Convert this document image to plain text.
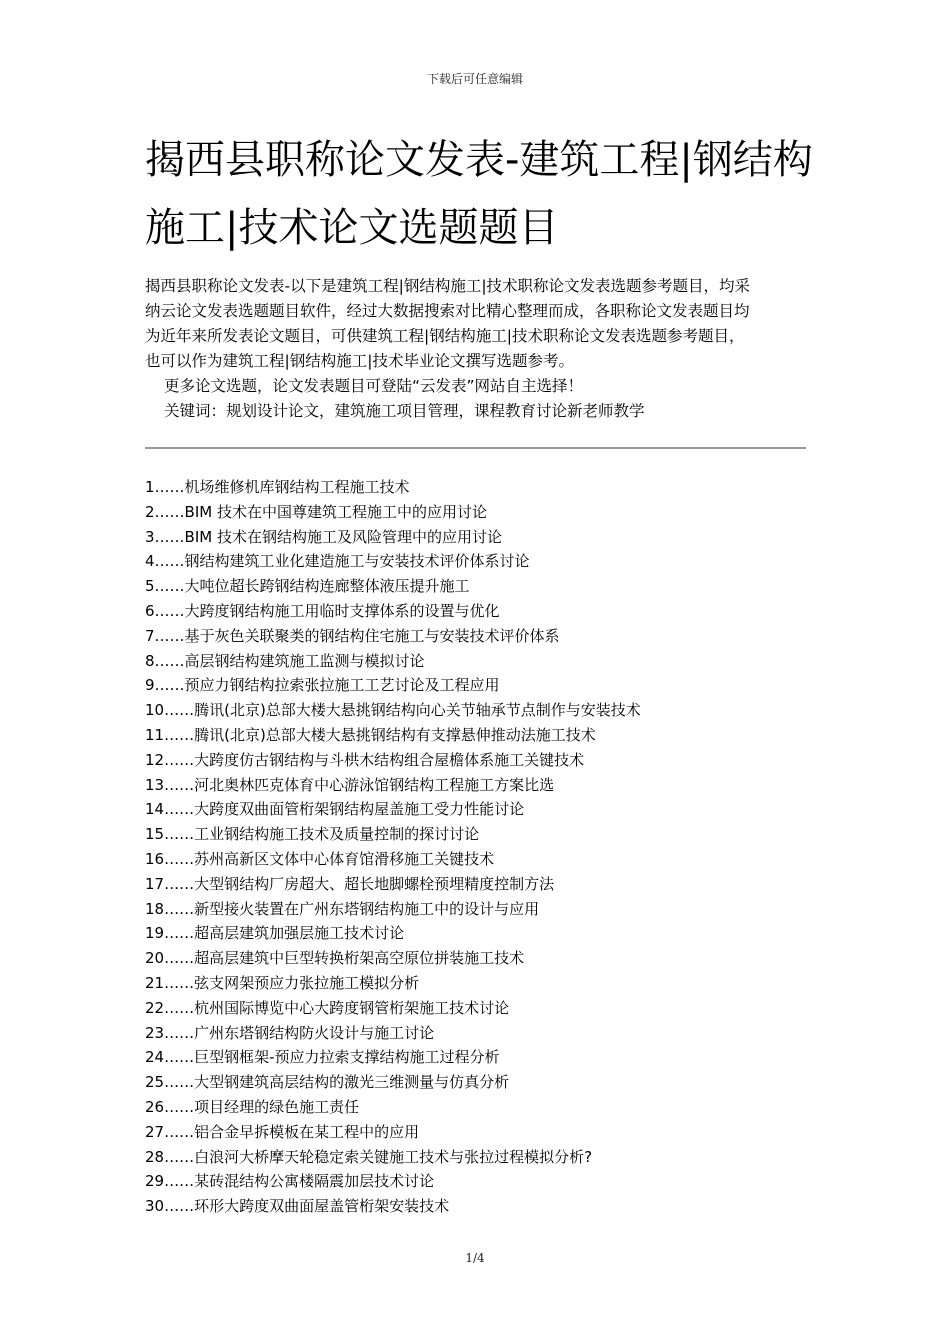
下载后可任意编辑
揭西县职称论文发表-建筑工程|钢结构施工|技术论文选题题目

揭西县职称论文发表-以下是建筑工程|钢结构施工|技术职称论文发表选题参考题目，均采
纳云论文发表选题题目软件，经过大数据搜索对比精心整理而成，各职称论文发表题目均
为近年来所发表论文题目，可供建筑工程|钢结构施工|技术职称论文发表选题参考题目，
也可以作为建筑工程|钢结构施工|技术毕业论文撰写选题参考。

更多论文选题，论文发表题目可登陆“云发表”网站自主选择！

关键词：规划设计论文，建筑施工项目管理，课程教育讨论新老师教学

1……机场维修机库钢结构工程施工技术
2……BIM 技术在中国尊建筑工程施工中的应用讨论
3……BIM 技术在钢结构施工及风险管理中的应用讨论
4……钢结构建筑工业化建造施工与安装技术评价体系讨论
5……大吨位超长跨钢结构连廊整体液压提升施工
6……大跨度钢结构施工用临时支撑体系的设置与优化
7……基于灰色关联聚类的钢结构住宅施工与安装技术评价体系
8……高层钢结构建筑施工监测与模拟讨论
9……预应力钢结构拉索张拉施工工艺讨论及工程应用
10……腾讯(北京)总部大楼大悬挑钢结构向心关节轴承节点制作与安装技术
11……腾讯(北京)总部大楼大悬挑钢结构有支撑悬伸推动法施工技术
12……大跨度仿古钢结构与斗栱木结构组合屋檐体系施工关键技术
13……河北奥林匹克体育中心游泳馆钢结构工程施工方案比选
14……大跨度双曲面管桁架钢结构屋盖施工受力性能讨论
15……工业钢结构施工技术及质量控制的探讨讨论
16……苏州高新区文体中心体育馆滑移施工关键技术
17……大型钢结构厂房超大、超长地脚螺栓预埋精度控制方法
18……新型接火装置在广州东塔钢结构施工中的设计与应用
19……超高层建筑加强层施工技术讨论
20……超高层建筑中巨型转换桁架高空原位拼装施工技术
21……弦支网架预应力张拉施工模拟分析
22……杭州国际博览中心大跨度钢管桁架施工技术讨论
23……广州东塔钢结构防火设计与施工讨论
24……巨型钢框架-预应力拉索支撑结构施工过程分析
25……大型钢建筑高层结构的激光三维测量与仿真分析
26……项目经理的绿色施工责任
27……铝合金早拆模板在某工程中的应用
28……白浪河大桥摩天轮稳定索关键施工技术与张拉过程模拟分析?
29……某砖混结构公寓楼隔震加层技术讨论
30……环形大跨度双曲面屋盖管桁架安装技术
1/4
